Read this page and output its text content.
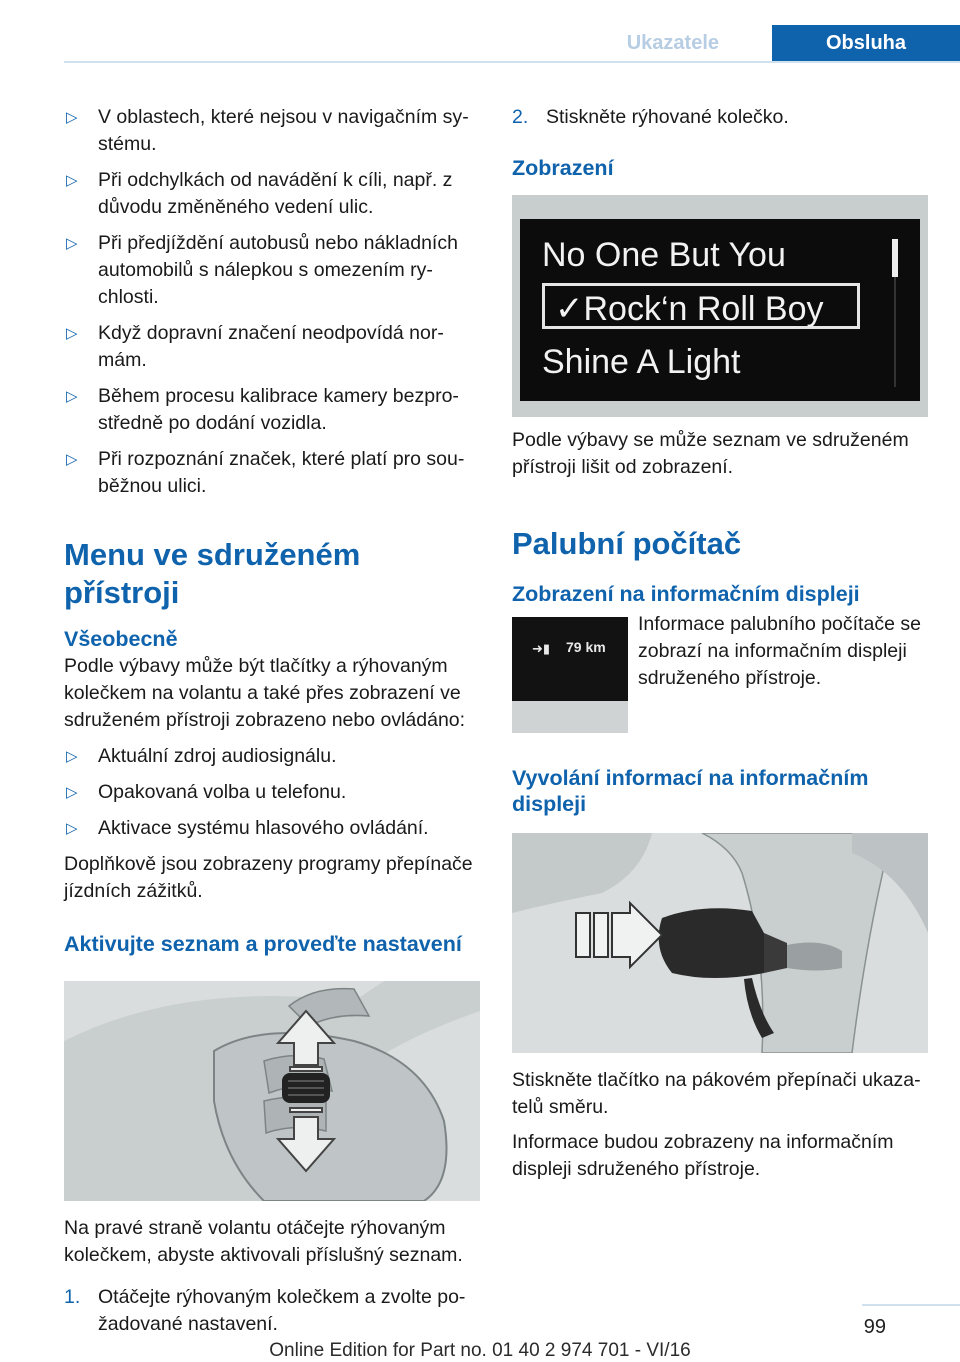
Ukazatele	Obsluha
▷ V oblastech, které nejsou v navigačním systému.
▷ Při odchylkách od navádění k cíli, např. z důvodu změněného vedení ulic.
▷ Při předjíždění autobusů nebo nákladních automobilů s nálepkou s omezením rychlosti.
▷ Když dopravní značení neodpovídá normám.
▷ Během procesu kalibrace kamery bezprostředně po dodání vozidla.
▷ Při rozpoznání značek, které platí pro souběžnou ulici.
Menu ve sdruženém přístroji
Všeobecně

Podle výbavy může být tlačítky a rýhovaným kolečkem na volantu a také přes zobrazení ve sdruženém přístroji zobrazeno nebo ovládáno:

▷ Aktuální zdroj audiosignálu.
▷ Opakovaná volba u telefonu.
▷ Aktivace systému hlasového ovládání.

Doplňkově jsou zobrazeny programy přepínače jízdních zážitků.

Aktivujte seznam a proveďte nastavení

Na pravé straně volantu otáčejte rýhovaným kolečkem, abyste aktivovali příslušný seznam.

1. Otáčejte rýhovaným kolečkem a zvolte požadované nastavení.
2. Stiskněte rýhované kolečko.
Zobrazení
No One But You
✓Rock‘n Roll Boy
Shine A Light

Podle výbavy se může seznam ve sdruženém přístroji lišit od zobrazení.

Palubní počítač
Zobrazení na informačním displeji
➜▮ 79 km

Informace palubního počítače se zobrazí na informačním displeji sdruženého přístroje.

Vyvolání informací na informačním displeji

Stiskněte tlačítko na pákovém přepínači ukazatelů směru.

Informace budou zobrazeny na informačním displeji sdruženého přístroje.

99
Online Edition for Part no. 01 40 2 974 701 - VI/16
